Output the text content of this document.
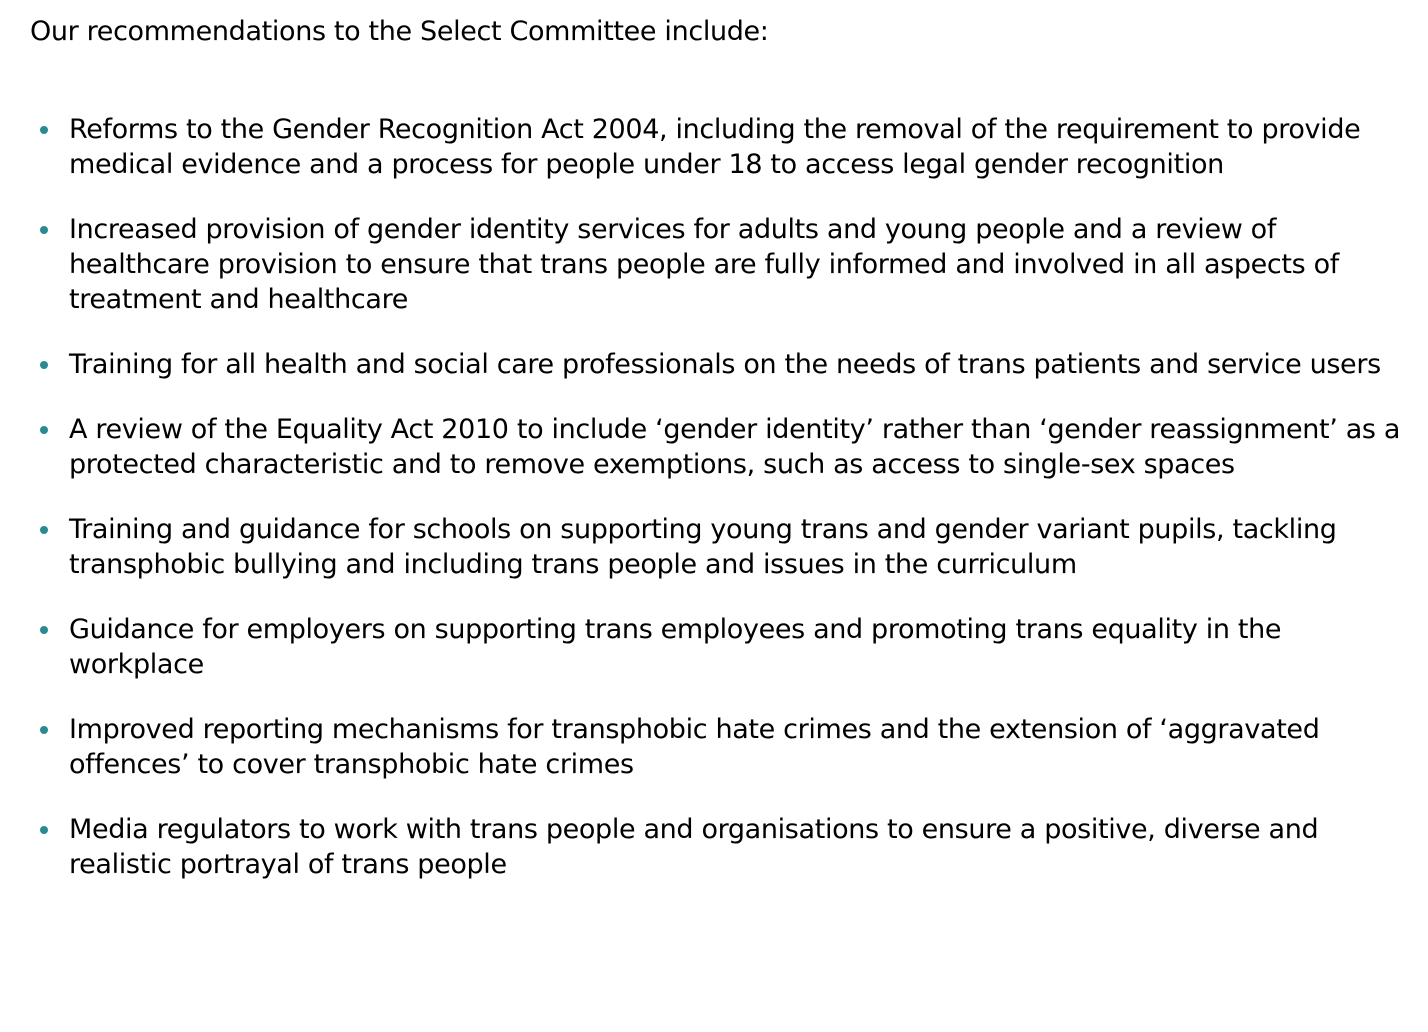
Our recommendations to the Select Committee include:

Reforms to the Gender Recognition Act 2004, including the removal of the requirement to provide medical evidence and a process for people under 18 to access legal gender recognition
Increased provision of gender identity services for adults and young people and a review of healthcare provision to ensure that trans people are fully informed and involved in all aspects of treatment and healthcare
Training for all health and social care professionals on the needs of trans patients and service users
A review of the Equality Act 2010 to include ‘gender identity’ rather than ‘gender reassignment’ as a protected characteristic and to remove exemptions, such as access to single-sex spaces
Training and guidance for schools on supporting young trans and gender variant pupils, tackling transphobic bullying and including trans people and issues in the curriculum
Guidance for employers on supporting trans employees and promoting trans equality in the workplace
Improved reporting mechanisms for transphobic hate crimes and the extension of ‘aggravated offences’ to cover transphobic hate crimes
Media regulators to work with trans people and organisations to ensure a positive, diverse and realistic portrayal of trans people
